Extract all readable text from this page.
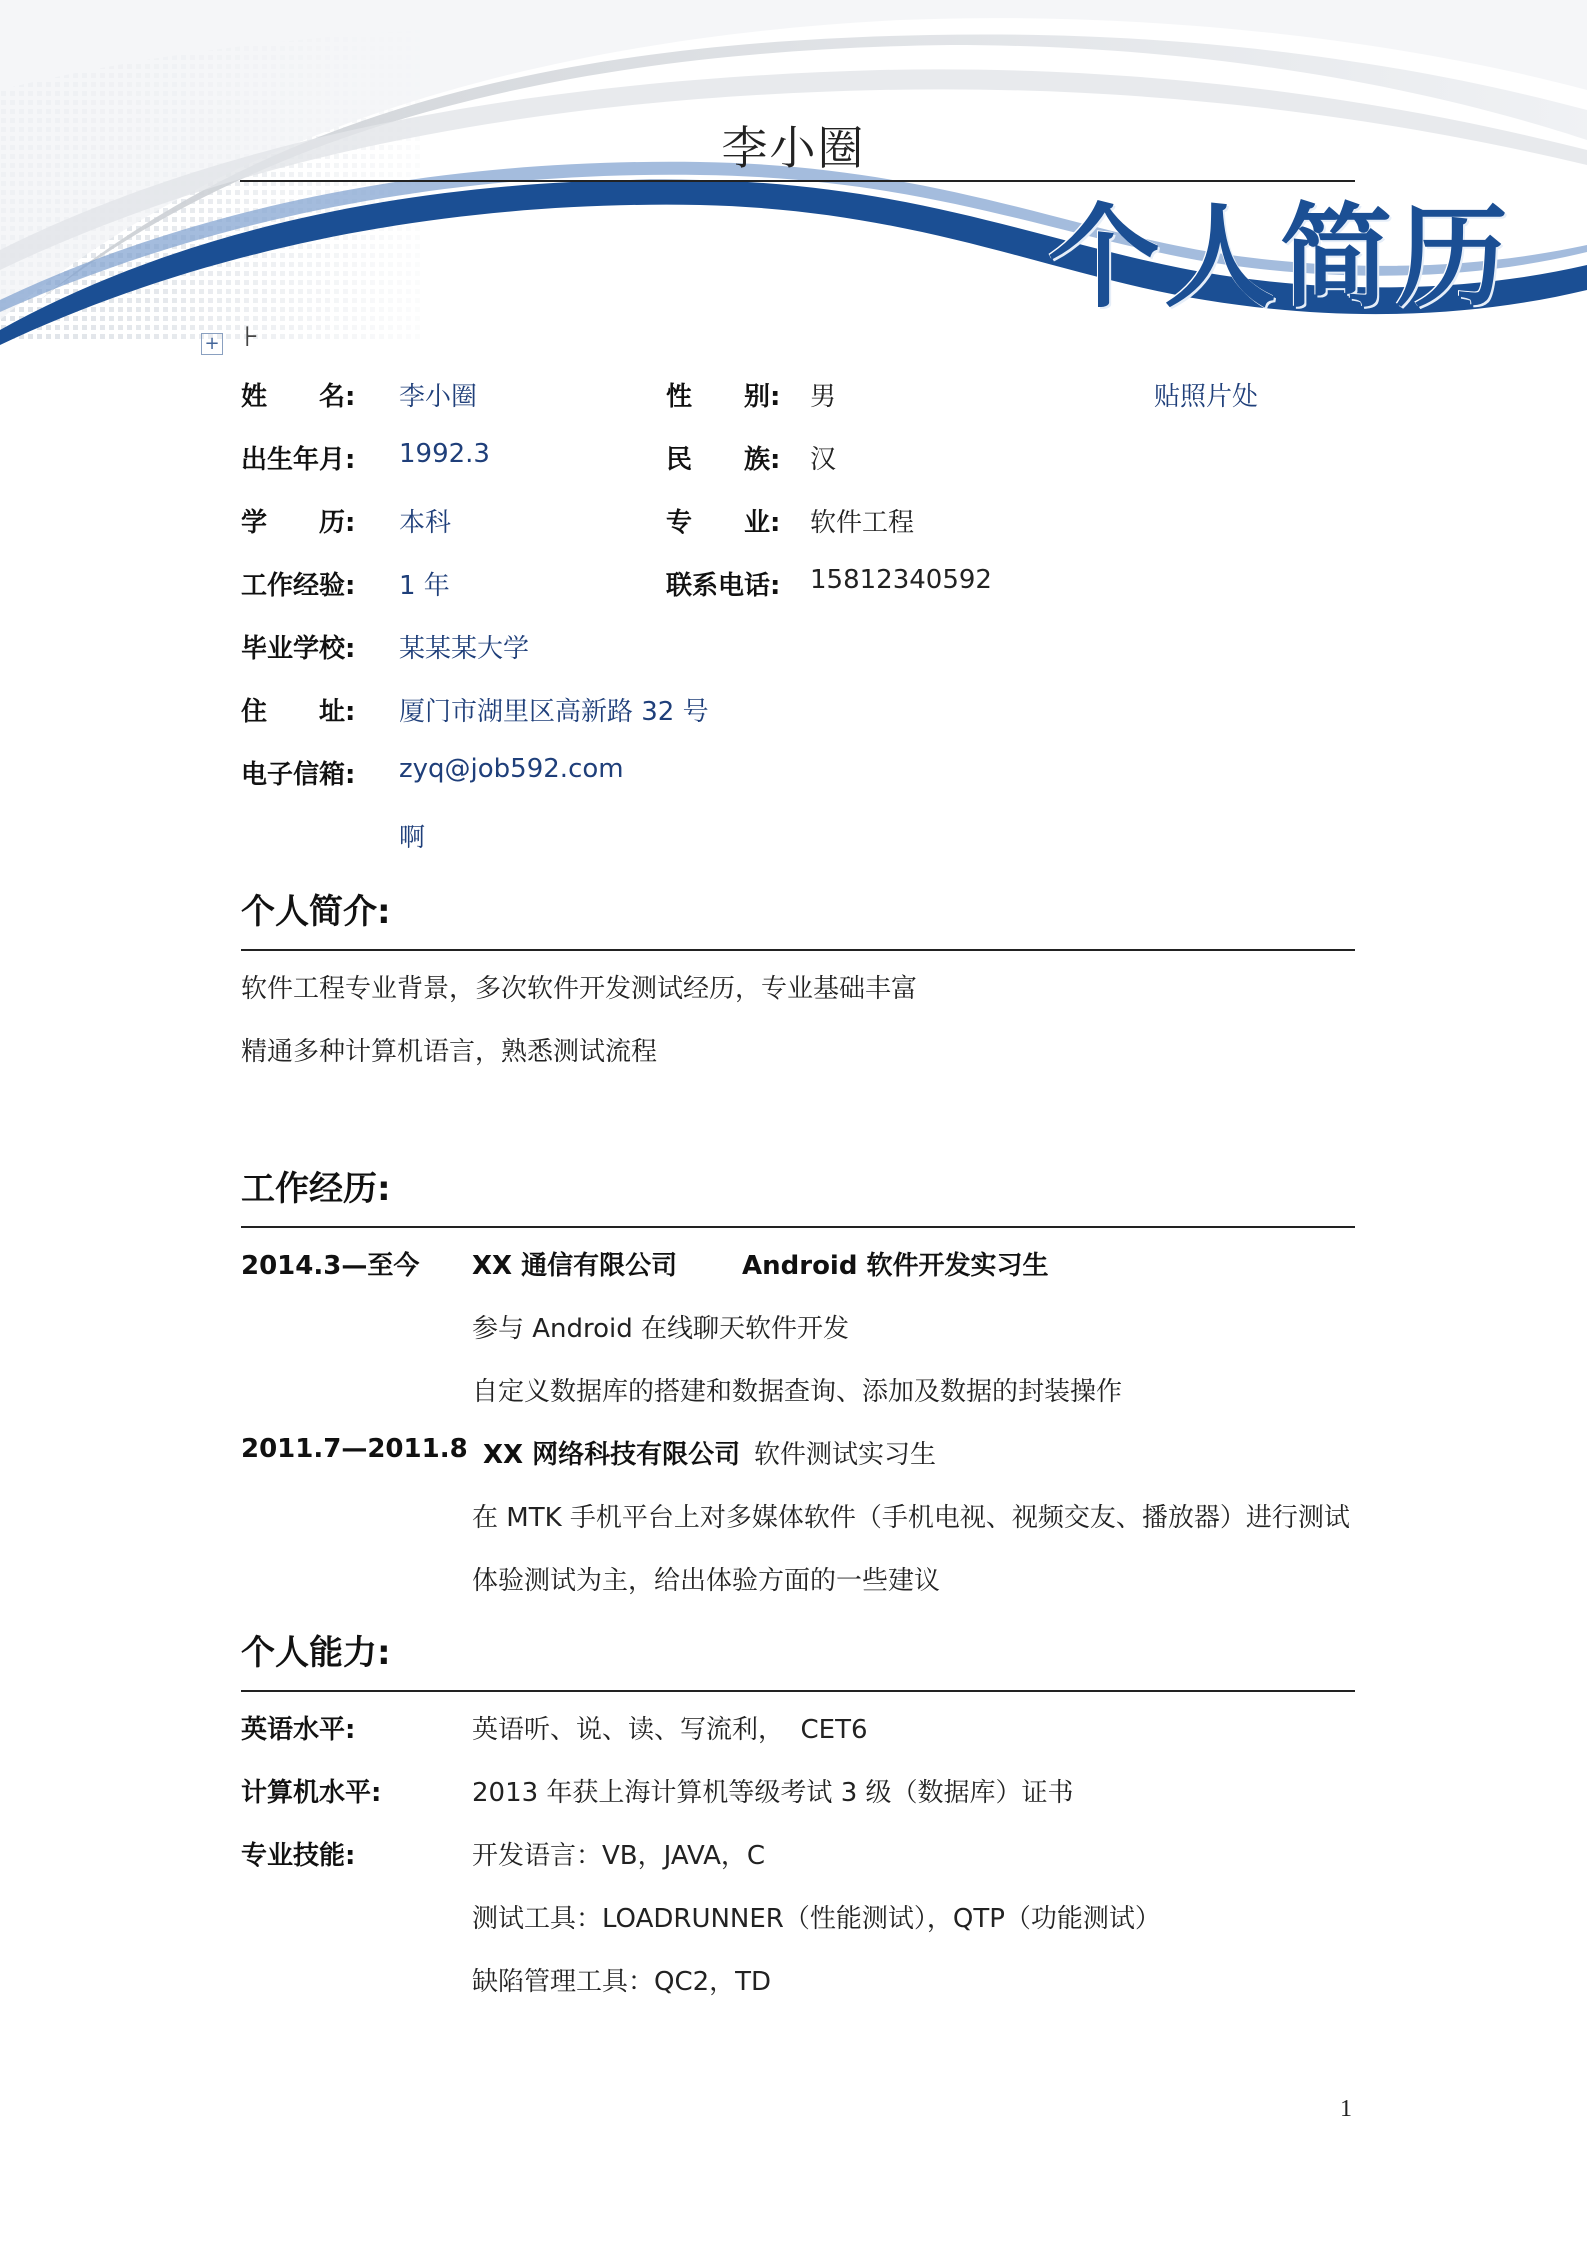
李小圈
个人简历
+ ⊦
姓　　名: 李小圈	性　　别: 男	贴照片处
出生年月: 1992.3	民　　族: 汉
学　　历: 本科	专　　业: 软件工程
工作经验: 1 年	联系电话: 15812340592
毕业学校: 某某某大学
住　　址: 厦门市湖里区高新路 32 号
电子信箱: zyq@job592.com
啊
个人简介:
软件工程专业背景，多次软件开发测试经历，专业基础丰富
精通多种计算机语言，熟悉测试流程
工作经历:
2014.3—至今 XX 通信有限公司 Android 软件开发实习生
参与 Android 在线聊天软件开发
自定义数据库的搭建和数据查询、添加及数据的封装操作
2011.7—2011.8 XX 网络科技有限公司 软件测试实习生
在 MTK 手机平台上对多媒体软件（手机电视、视频交友、播放器）进行测试
体验测试为主，给出体验方面的一些建议
个人能力:
英语水平:	英语听、说、读、写流利，  CET6
计算机水平:	2013 年获上海计算机等级考试 3 级（数据库）证书
专业技能:	开发语言：VB，JAVA，C
测试工具：LOADRUNNER（性能测试），QTP（功能测试）
缺陷管理工具：QC2，TD
1
